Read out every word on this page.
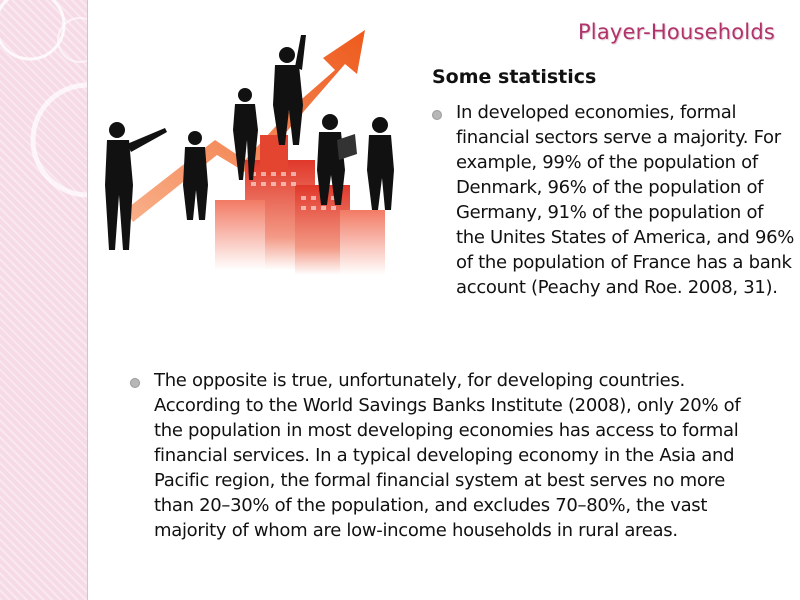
Player-Households
Some statistics
In developed economies, formal financial sectors serve a majority. For example, 99% of the population of Denmark, 96% of the population of Germany, 91% of the population of the Unites States of America, and 96% of the population of France has a bank account (Peachy and Roe. 2008, 31).
The opposite is true, unfortunately, for developing countries. According to the World Savings Banks Institute (2008), only 20% of the population in most developing economies has access to formal financial services. In a typical developing economy in the Asia and Pacific region, the formal financial system at best serves no more than 20–30% of the population, and excludes 70–80%, the vast majority of whom are low-income households in rural areas.
